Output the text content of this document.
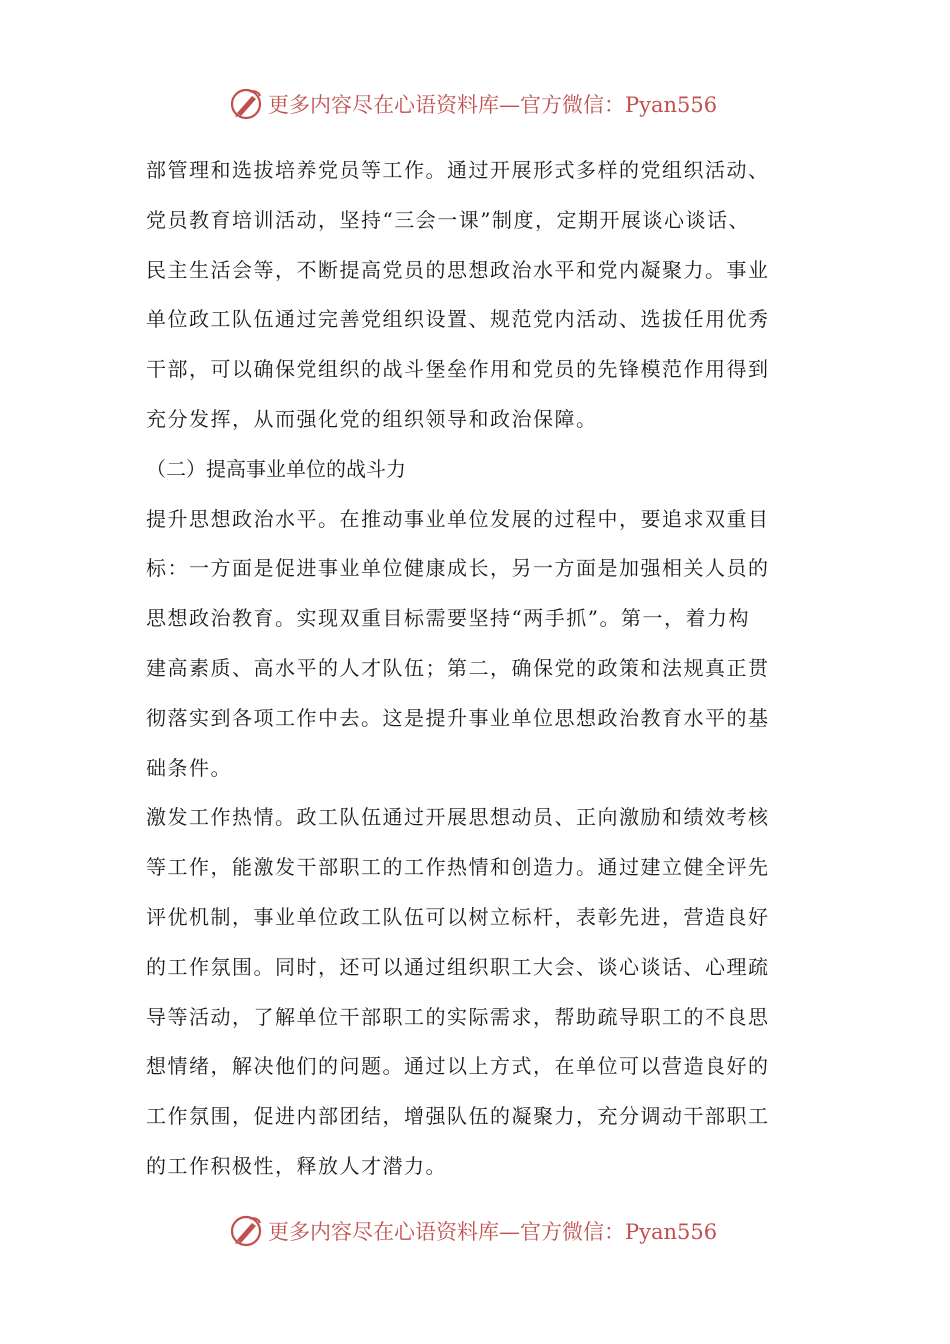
更多内容尽在心语资料库—官方微信：Pyan556
部管理和选拔培养党员等工作。通过开展形式多样的党组织活动、
党员教育培训活动，坚持“三会一课”制度，定期开展谈心谈话、
民主生活会等，不断提高党员的思想政治水平和党内凝聚力。事业
单位政工队伍通过完善党组织设置、规范党内活动、选拔任用优秀
干部，可以确保党组织的战斗堡垒作用和党员的先锋模范作用得到
充分发挥，从而强化党的组织领导和政治保障。
（二）提高事业单位的战斗力
提升思想政治水平。在推动事业单位发展的过程中，要追求双重目
标：一方面是促进事业单位健康成长，另一方面是加强相关人员的
思想政治教育。实现双重目标需要坚持“两手抓”。第一，着力构
建高素质、高水平的人才队伍；第二，确保党的政策和法规真正贯
彻落实到各项工作中去。这是提升事业单位思想政治教育水平的基
础条件。
激发工作热情。政工队伍通过开展思想动员、正向激励和绩效考核
等工作，能激发干部职工的工作热情和创造力。通过建立健全评先
评优机制，事业单位政工队伍可以树立标杆，表彰先进，营造良好
的工作氛围。同时，还可以通过组织职工大会、谈心谈话、心理疏
导等活动，了解单位干部职工的实际需求，帮助疏导职工的不良思
想情绪，解决他们的问题。通过以上方式，在单位可以营造良好的
工作氛围，促进内部团结，增强队伍的凝聚力，充分调动干部职工
的工作积极性，释放人才潜力。
更多内容尽在心语资料库—官方微信：Pyan556
